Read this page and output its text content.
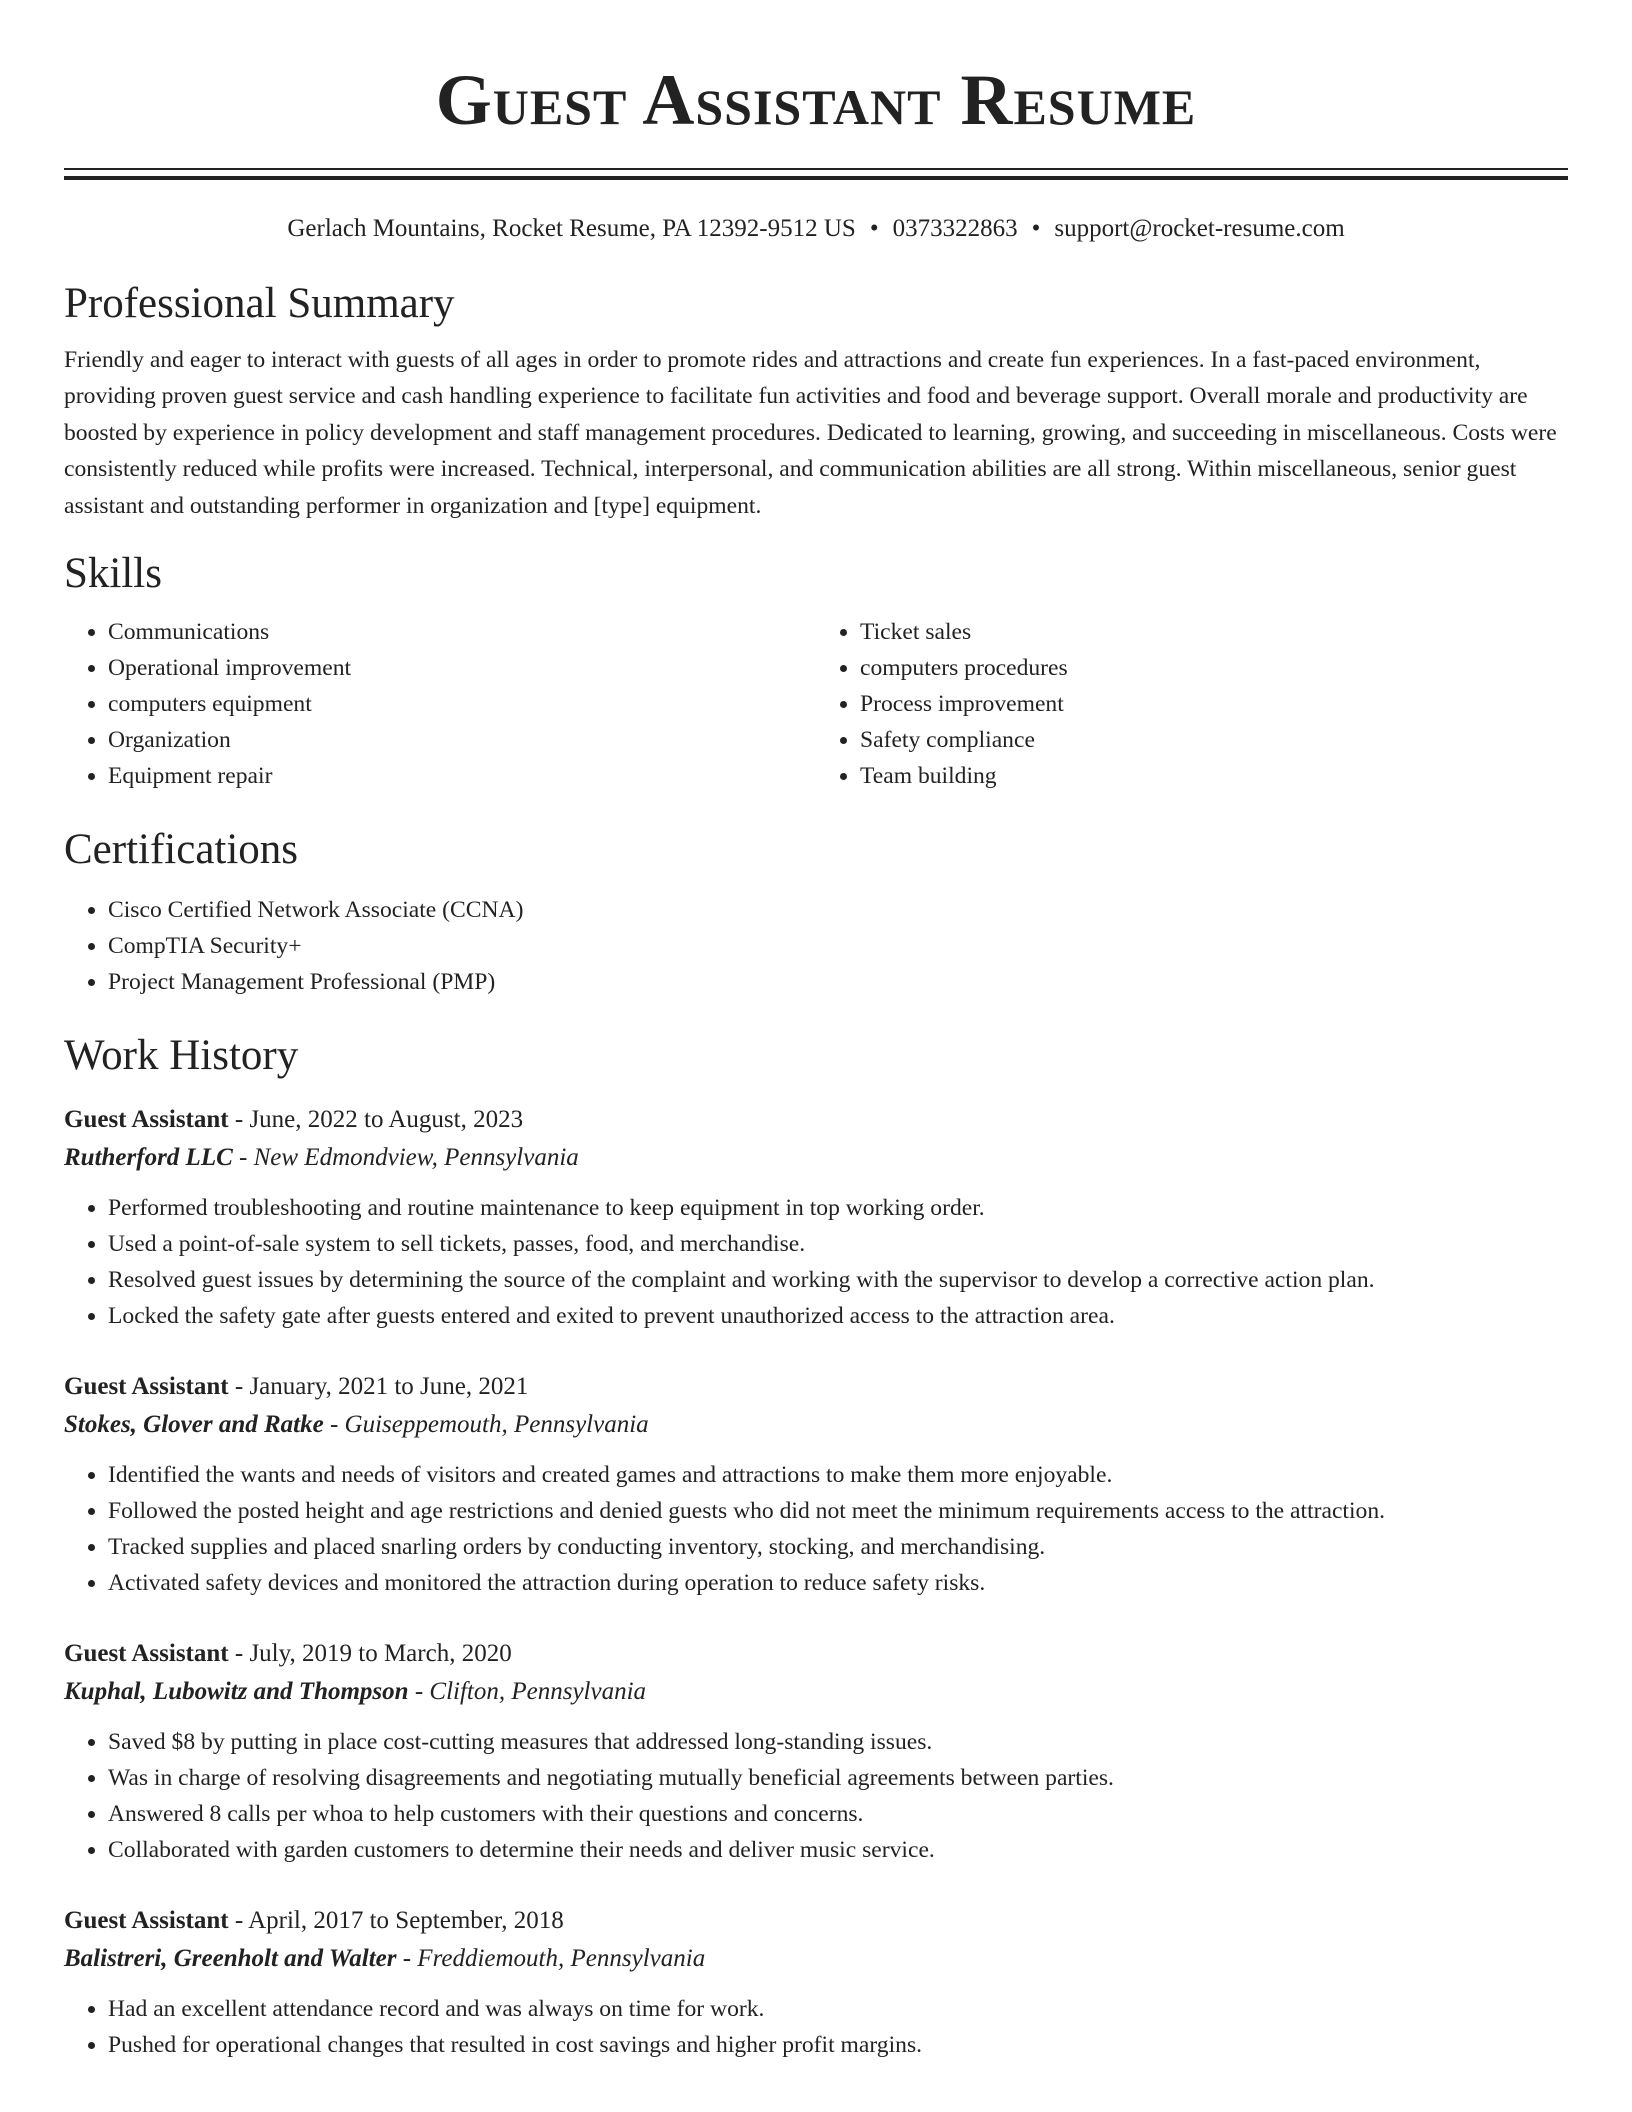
Guest Assistant Resume
Gerlach Mountains, Rocket Resume, PA 12392-9512 US • 0373322863 • support@rocket-resume.com
Professional Summary

Friendly and eager to interact with guests of all ages in order to promote rides and attractions and create fun experiences. In a fast-paced environment, providing proven guest service and cash handling experience to facilitate fun activities and food and beverage support. Overall morale and productivity are boosted by experience in policy development and staff management procedures. Dedicated to learning, growing, and succeeding in miscellaneous. Costs were consistently reduced while profits were increased. Technical, interpersonal, and communication abilities are all strong. Within miscellaneous, senior guest assistant and outstanding performer in organization and [type] equipment.

Skills
• Communications
• Operational improvement
• computers equipment
• Organization
• Equipment repair
• Ticket sales
• computers procedures
• Process improvement
• Safety compliance
• Team building
Certifications
• Cisco Certified Network Associate (CCNA)
• CompTIA Security+
• Project Management Professional (PMP)
Work History
Guest Assistant - June, 2022 to August, 2023
Rutherford LLC - New Edmondview, Pennsylvania
• Performed troubleshooting and routine maintenance to keep equipment in top working order.
• Used a point-of-sale system to sell tickets, passes, food, and merchandise.
• Resolved guest issues by determining the source of the complaint and working with the supervisor to develop a corrective action plan.
• Locked the safety gate after guests entered and exited to prevent unauthorized access to the attraction area.
Guest Assistant - January, 2021 to June, 2021
Stokes, Glover and Ratke - Guiseppemouth, Pennsylvania
• Identified the wants and needs of visitors and created games and attractions to make them more enjoyable.
• Followed the posted height and age restrictions and denied guests who did not meet the minimum requirements access to the attraction.
• Tracked supplies and placed snarling orders by conducting inventory, stocking, and merchandising.
• Activated safety devices and monitored the attraction during operation to reduce safety risks.
Guest Assistant - July, 2019 to March, 2020
Kuphal, Lubowitz and Thompson - Clifton, Pennsylvania
• Saved $8 by putting in place cost-cutting measures that addressed long-standing issues.
• Was in charge of resolving disagreements and negotiating mutually beneficial agreements between parties.
• Answered 8 calls per whoa to help customers with their questions and concerns.
• Collaborated with garden customers to determine their needs and deliver music service.
Guest Assistant - April, 2017 to September, 2018
Balistreri, Greenholt and Walter - Freddiemouth, Pennsylvania
• Had an excellent attendance record and was always on time for work.
• Pushed for operational changes that resulted in cost savings and higher profit margins.
